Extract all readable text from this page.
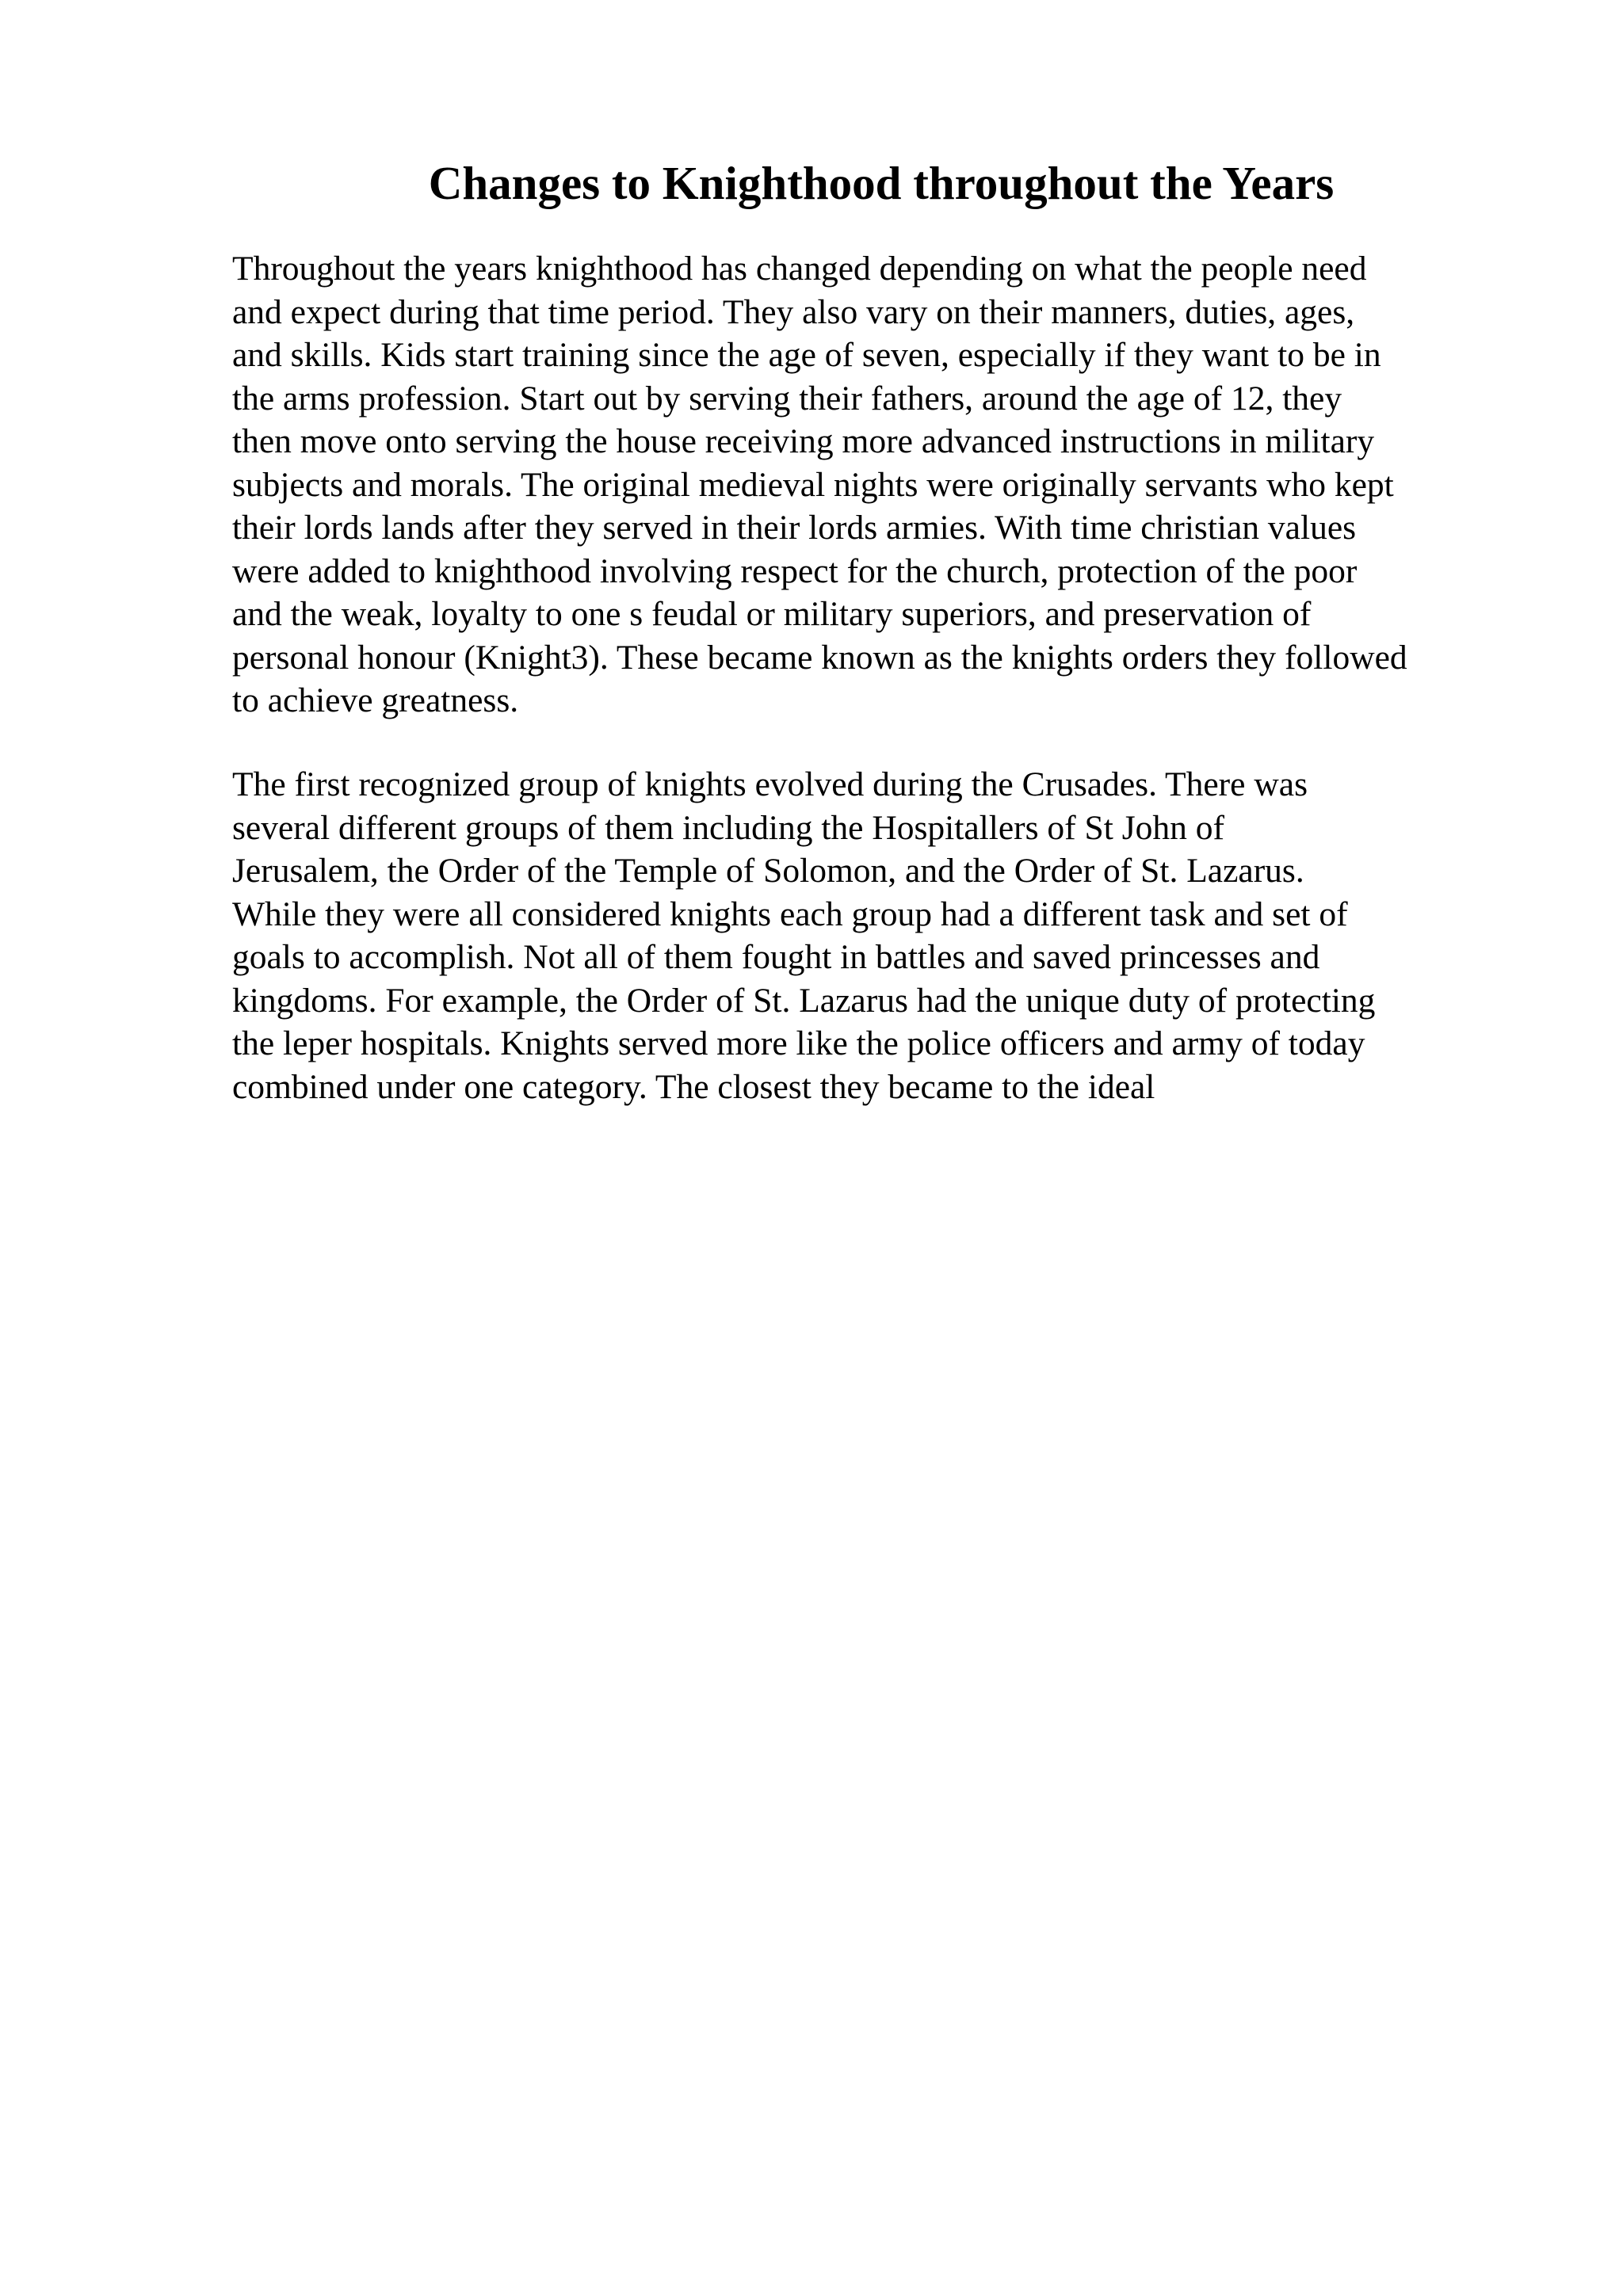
Changes to Knighthood throughout the Years

Throughout the years knighthood has changed depending on what the people need
and expect during that time period. They also vary on their manners, duties, ages,
and skills. Kids start training since the age of seven, especially if they want to be in
the arms profession. Start out by serving their fathers, around the age of 12, they
then move onto serving the house receiving more advanced instructions in military
subjects and morals. The original medieval nights were originally servants who kept
their lords lands after they served in their lords armies. With time christian values
were added to knighthood involving respect for the church, protection of the poor
and the weak, loyalty to one s feudal or military superiors, and preservation of
personal honour (Knight3). These became known as the knights orders they followed
to achieve greatness.

The first recognized group of knights evolved during the Crusades. There was
several different groups of them including the Hospitallers of St John of
Jerusalem, the Order of the Temple of Solomon, and the Order of St. Lazarus.
While they were all considered knights each group had a different task and set of
goals to accomplish. Not all of them fought in battles and saved princesses and
kingdoms. For example, the Order of St. Lazarus had the unique duty of protecting
the leper hospitals. Knights served more like the police officers and army of today
combined under one category. The closest they became to the ideal
